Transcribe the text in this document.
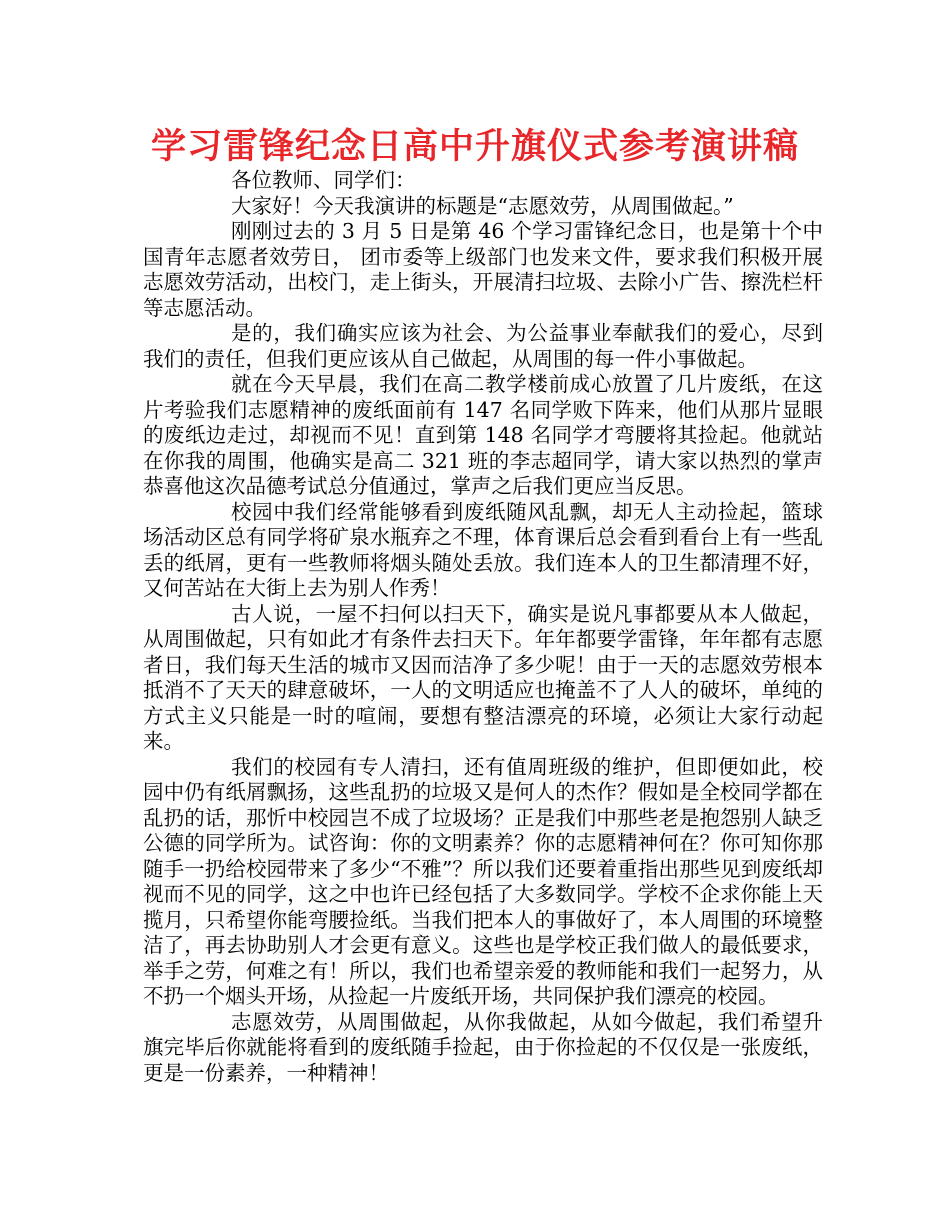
学习雷锋纪念日高中升旗仪式参考演讲稿

各位教师、同学们：

大家好！今天我演讲的标题是“志愿效劳，从周围做起。”

刚刚过去的 3 月 5 日是第 46 个学习雷锋纪念日，也是第十个中国青年志愿者效劳日， 团市委等上级部门也发来文件，要求我们积极开展志愿效劳活动，出校门，走上街头，开展清扫垃圾、去除小广告、擦洗栏杆等志愿活动。

是的，我们确实应该为社会、为公益事业奉献我们的爱心，尽到我们的责任，但我们更应该从自己做起，从周围的每一件小事做起。

就在今天早晨，我们在高二教学楼前成心放置了几片废纸，在这片考验我们志愿精神的废纸面前有 147 名同学败下阵来，他们从那片显眼的废纸边走过，却视而不见！直到第 148 名同学才弯腰将其捡起。他就站在你我的周围，他确实是高二 321 班的李志超同学，请大家以热烈的掌声恭喜他这次品德考试总分值通过，掌声之后我们更应当反思。

校园中我们经常能够看到废纸随风乱飘，却无人主动捡起，篮球场活动区总有同学将矿泉水瓶弃之不理，体育课后总会看到看台上有一些乱丢的纸屑，更有一些教师将烟头随处丢放。我们连本人的卫生都清理不好，又何苦站在大街上去为别人作秀！

古人说，一屋不扫何以扫天下，确实是说凡事都要从本人做起，从周围做起，只有如此才有条件去扫天下。年年都要学雷锋，年年都有志愿者日，我们每天生活的城市又因而洁净了多少呢！由于一天的志愿效劳根本抵消不了天天的肆意破坏，一人的文明适应也掩盖不了人人的破坏，单纯的方式主义只能是一时的喧闹，要想有整洁漂亮的环境，必须让大家行动起来。

我们的校园有专人清扫，还有值周班级的维护，但即便如此，校园中仍有纸屑飘扬，这些乱扔的垃圾又是何人的杰作？假如是全校同学都在乱扔的话，那忻中校园岂不成了垃圾场？正是我们中那些老是抱怨别人缺乏公德的同学所为。试咨询：你的文明素养？你的志愿精神何在？你可知你那随手一扔给校园带来了多少“不雅”？所以我们还要着重指出那些见到废纸却视而不见的同学，这之中也许已经包括了大多数同学。学校不企求你能上天揽月，只希望你能弯腰捡纸。当我们把本人的事做好了，本人周围的环境整洁了，再去协助别人才会更有意义。这些也是学校正我们做人的最低要求，举手之劳，何难之有！所以，我们也希望亲爱的教师能和我们一起努力，从不扔一个烟头开场，从捡起一片废纸开场，共同保护我们漂亮的校园。

志愿效劳，从周围做起，从你我做起，从如今做起，我们希望升旗完毕后你就能将看到的废纸随手捡起，由于你捡起的不仅仅是一张废纸，更是一份素养，一种精神！
